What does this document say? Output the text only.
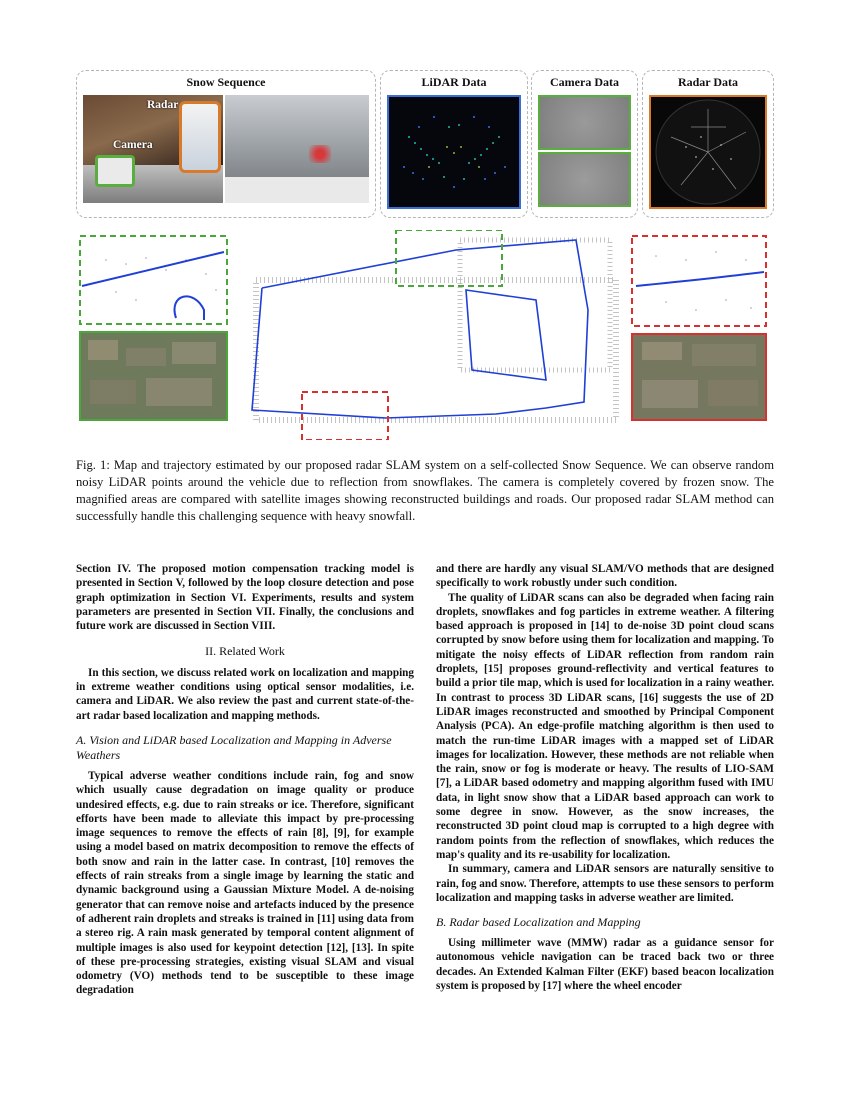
Snow Sequence
Radar
Camera
LiDAR Data	Camera Data	Radar Data
Fig. 1: Map and trajectory estimated by our proposed radar SLAM system on a self-collected Snow Sequence. We can observe random noisy LiDAR points around the vehicle due to reflection from snowflakes. The camera is completely covered by frozen snow. The magnified areas are compared with satellite images showing reconstructed buildings and roads. Our proposed radar SLAM method can successfully handle this challenging sequence with heavy snowfall.

Section IV. The proposed motion compensation tracking model is presented in Section V, followed by the loop closure detection and pose graph optimization in Section VI. Experiments, results and system parameters are presented in Section VII. Finally, the conclusions and future work are discussed in Section VIII.

II. Related Work

In this section, we discuss related work on localization and mapping in extreme weather conditions using optical sensor modalities, i.e. camera and LiDAR. We also review the past and current state-of-the-art radar based localization and mapping methods.

A. Vision and LiDAR based Localization and Mapping in Adverse Weathers

Typical adverse weather conditions include rain, fog and snow which usually cause degradation on image quality or produce undesired effects, e.g. due to rain streaks or ice. Therefore, significant efforts have been made to alleviate this impact by pre-processing image sequences to remove the effects of rain [8], [9], for example using a model based on matrix decomposition to remove the effects of both snow and rain in the latter case. In contrast, [10] removes the effects of rain streaks from a single image by learning the static and dynamic background using a Gaussian Mixture Model. A de-noising generator that can remove noise and artefacts induced by the presence of adherent rain droplets and streaks is trained in [11] using data from a stereo rig. A rain mask generated by temporal content alignment of multiple images is also used for keypoint detection [12], [13]. In spite of these pre-processing strategies, existing visual SLAM and visual odometry (VO) methods tend to be susceptible to these image degradation

and there are hardly any visual SLAM/VO methods that are designed specifically to work robustly under such condition.

The quality of LiDAR scans can also be degraded when facing rain droplets, snowflakes and fog particles in extreme weather. A filtering based approach is proposed in [14] to de-noise 3D point cloud scans corrupted by snow before using them for localization and mapping. To mitigate the noisy effects of LiDAR reflection from random rain droplets, [15] proposes ground-reflectivity and vertical features to build a prior tile map, which is used for localization in a rainy weather. In contrast to process 3D LiDAR scans, [16] suggests the use of 2D LiDAR images reconstructed and smoothed by Principal Component Analysis (PCA). An edge-profile matching algorithm is then used to match the run-time LiDAR images with a mapped set of LiDAR images for localization. However, these methods are not reliable when the rain, snow or fog is moderate or heavy. The results of LIO-SAM [7], a LiDAR based odometry and mapping algorithm fused with IMU data, in light snow show that a LiDAR based approach can work to some degree in snow. However, as the snow increases, the reconstructed 3D point cloud map is corrupted to a high degree with random points from the reflection of snowflakes, which reduces the map's quality and its re-usability for localization.

In summary, camera and LiDAR sensors are naturally sensitive to rain, fog and snow. Therefore, attempts to use these sensors to perform localization and mapping tasks in adverse weather are limited.

B. Radar based Localization and Mapping

Using millimeter wave (MMW) radar as a guidance sensor for autonomous vehicle navigation can be traced back two or three decades. An Extended Kalman Filter (EKF) based beacon localization system is proposed by [17] where the wheel encoder
